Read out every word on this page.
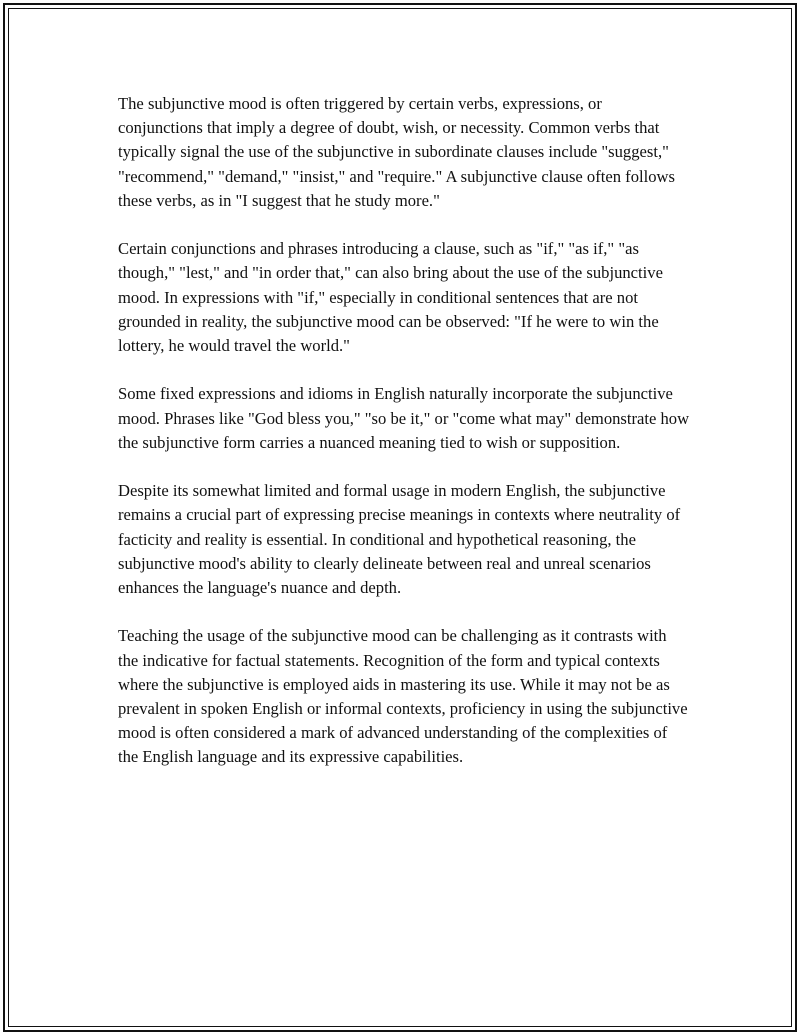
The subjunctive mood is often triggered by certain verbs, expressions, or conjunctions that imply a degree of doubt, wish, or necessity. Common verbs that typically signal the use of the subjunctive in subordinate clauses include "suggest," "recommend," "demand," "insist," and "require." A subjunctive clause often follows these verbs, as in "I suggest that he study more."

Certain conjunctions and phrases introducing a clause, such as "if," "as if," "as though," "lest," and "in order that," can also bring about the use of the subjunctive mood. In expressions with "if," especially in conditional sentences that are not grounded in reality, the subjunctive mood can be observed: "If he were to win the lottery, he would travel the world."

Some fixed expressions and idioms in English naturally incorporate the subjunctive mood. Phrases like "God bless you," "so be it," or "come what may" demonstrate how the subjunctive form carries a nuanced meaning tied to wish or supposition.

Despite its somewhat limited and formal usage in modern English, the subjunctive remains a crucial part of expressing precise meanings in contexts where neutrality of facticity and reality is essential. In conditional and hypothetical reasoning, the subjunctive mood's ability to clearly delineate between real and unreal scenarios enhances the language's nuance and depth.

Teaching the usage of the subjunctive mood can be challenging as it contrasts with the indicative for factual statements. Recognition of the form and typical contexts where the subjunctive is employed aids in mastering its use. While it may not be as prevalent in spoken English or informal contexts, proficiency in using the subjunctive mood is often considered a mark of advanced understanding of the complexities of the English language and its expressive capabilities.
